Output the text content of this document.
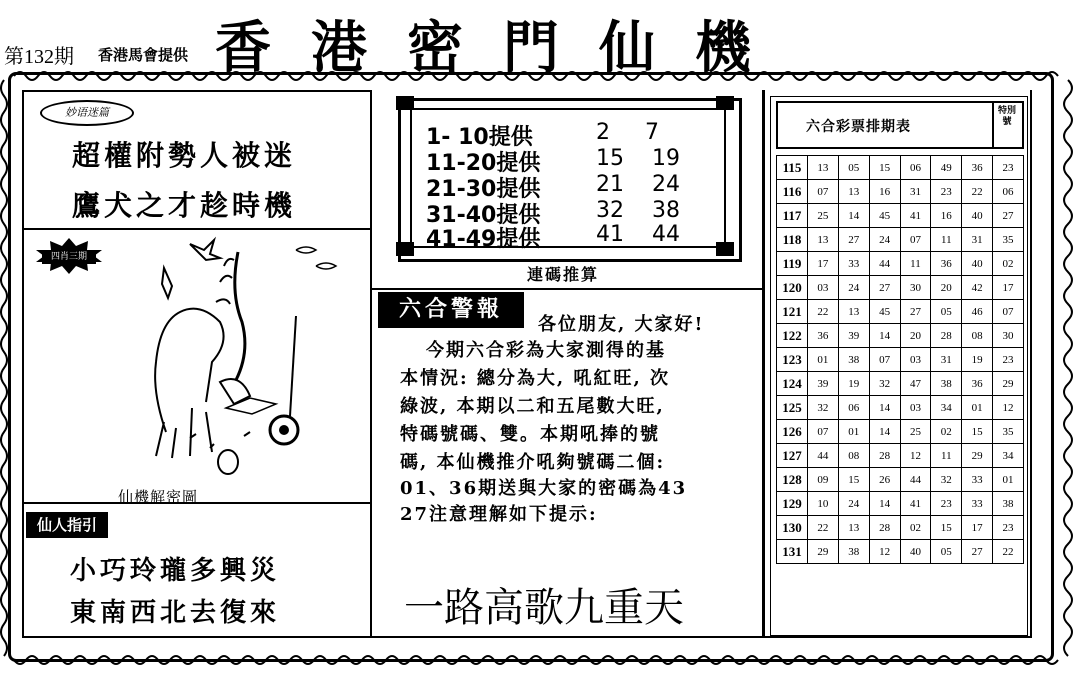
第132期 香港馬會提供 香港密門仙機
妙语迷篇
超權附勢人被迷
鷹犬之才趁時機
四肖三期
仙機解密圖
仙人指引
小巧玲瓏多興災
東南西北去復來
1- 10提供	2     7
11-20提供	15    19
21-30提供	21    24
31-40提供	32    38
41-49提供	41    44
連碼推算
六合警報
各位朋友, 大家好!
今期六合彩為大家測得的基
本情況: 總分為大, 吼紅旺, 次
綠波, 本期以二和五尾數大旺,
特碼號碼、雙。本期吼捧的號
碼, 本仙機推介吼夠號碼二個:
01、36期送與大家的密碼為43
27注意理解如下提示:
一路高歌九重天
六合彩票排期表
特別號
115	13	05	15	06	49	36	23
116	07	13	16	31	23	22	06
117	25	14	45	41	16	40	27
118	13	27	24	07	11	31	35
119	17	33	44	11	36	40	02
120	03	24	27	30	20	42	17
121	22	13	45	27	05	46	07
122	36	39	14	20	28	08	30
123	01	38	07	03	31	19	23
124	39	19	32	47	38	36	29
125	32	06	14	03	34	01	12
126	07	01	14	25	02	15	35
127	44	08	28	12	11	29	34
128	09	15	26	44	32	33	01
129	10	24	14	41	23	33	38
130	22	13	28	02	15	17	23
131	29	38	12	40	05	27	22
